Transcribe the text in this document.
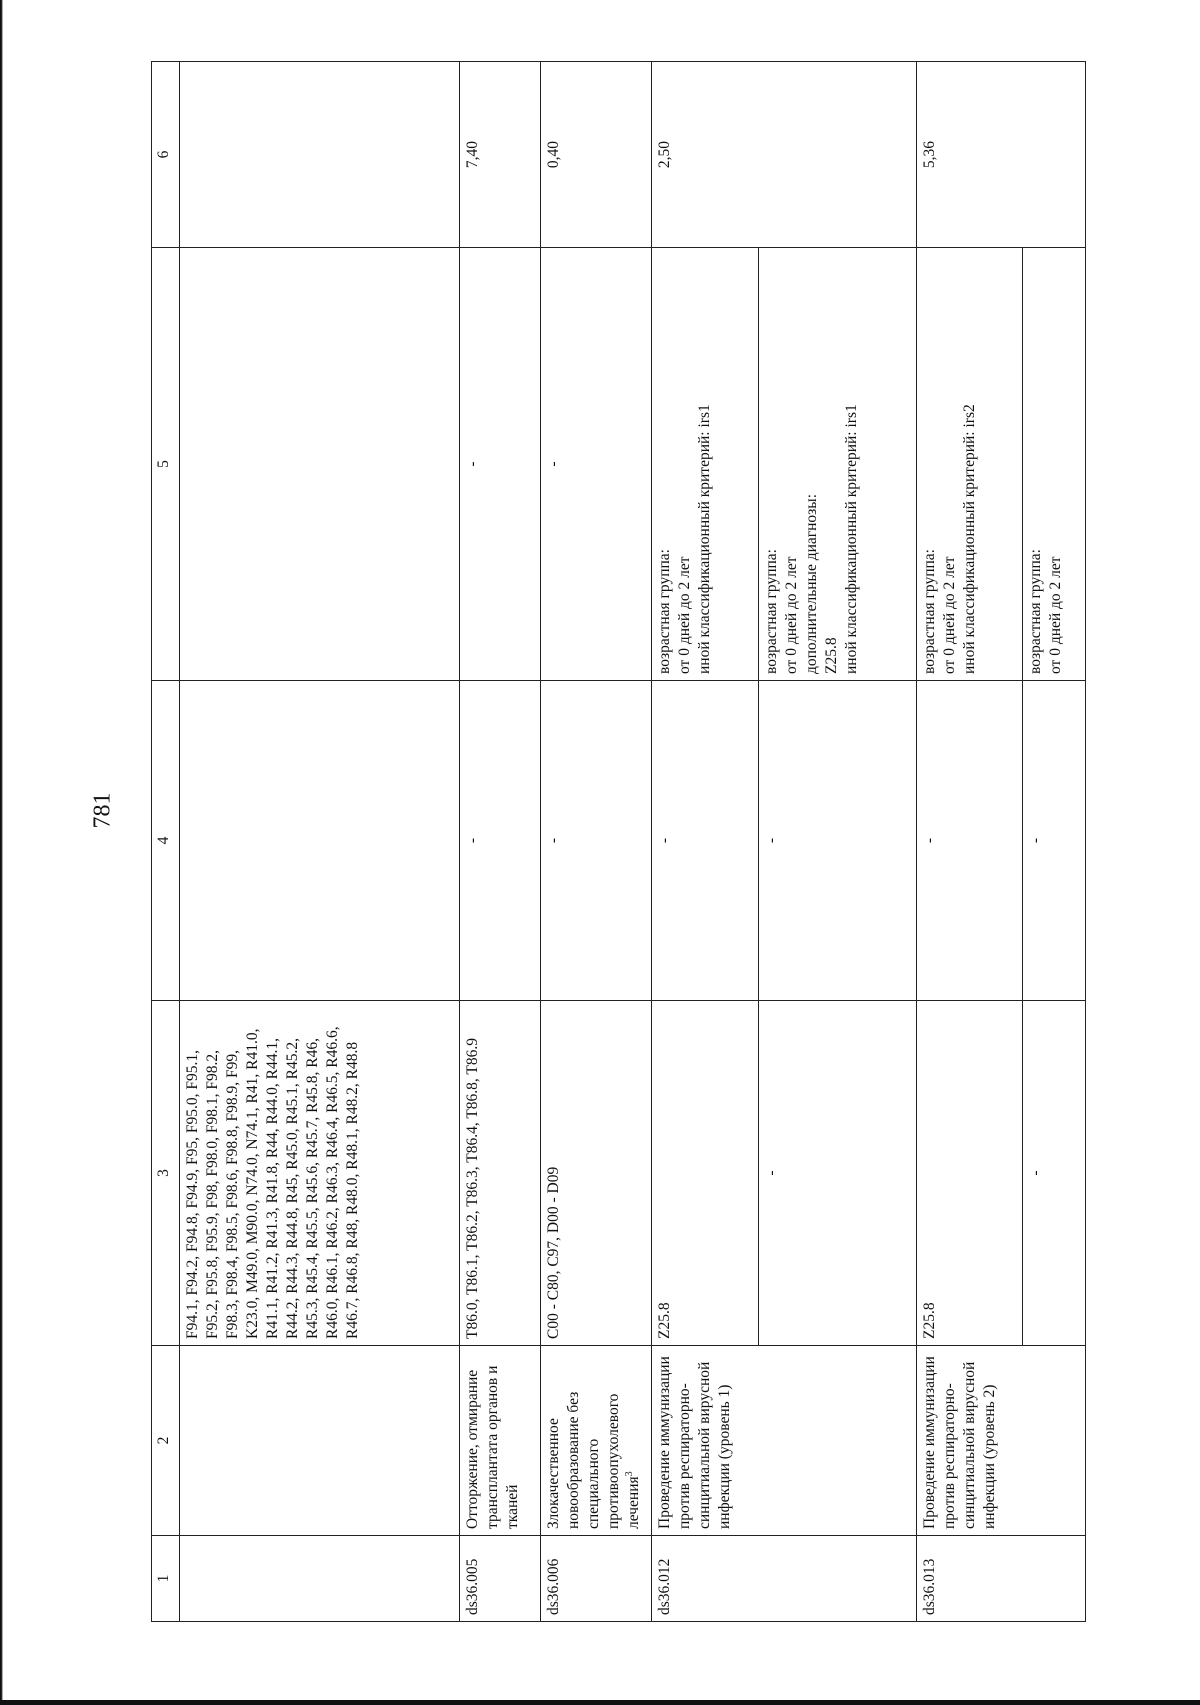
781
1	2	3	4	5	6
		F94.1, F94.2, F94.8, F94.9, F95, F95.0, F95.1, F95.2, F95.8, F95.9, F98, F98.0, F98.1, F98.2, F98.3, F98.4, F98.5, F98.6, F98.8, F98.9, F99, K23.0, M49.0, M90.0, N74.0, N74.1, R41, R41.0, R41.1, R41.2, R41.3, R41.8, R44, R44.0, R44.1, R44.2, R44.3, R44.8, R45, R45.0, R45.1, R45.2, R45.3, R45.4, R45.5, R45.6, R45.7, R45.8, R46, R46.0, R46.1, R46.2, R46.3, R46.4, R46.5, R46.6, R46.7, R46.8, R48, R48.0, R48.1, R48.2, R48.8			
ds36.005	Отторжение, отмирание трансплантата органов и тканей	T86.0, T86.1, T86.2, T86.3, T86.4, T86.8, T86.9	-	-	7,40
ds36.006	Злокачественное новообразование без специального противоопухолевого лечения$^3$	C00 - C80, C97, D00 - D09	-	-	0,40
ds36.012	Проведение иммунизации против респираторно-синцитиальной вирусной инфекции (уровень 1)	Z25.8	-	возрастная группа:
от 0 дней до 2 лет
иной классификационный критерий: irs1	2,50
		-	-	возрастная группа:
от 0 дней до 2 лет
дополнительные диагнозы:
Z25.8
иной классификационный критерий: irs1	
ds36.013	Проведение иммунизации против респираторно-синцитиальной вирусной инфекции (уровень 2)	Z25.8	-	возрастная группа:
от 0 дней до 2 лет
иной классификационный критерий: irs2	5,36
		-	-	возрастная группа:
от 0 дней до 2 лет	
